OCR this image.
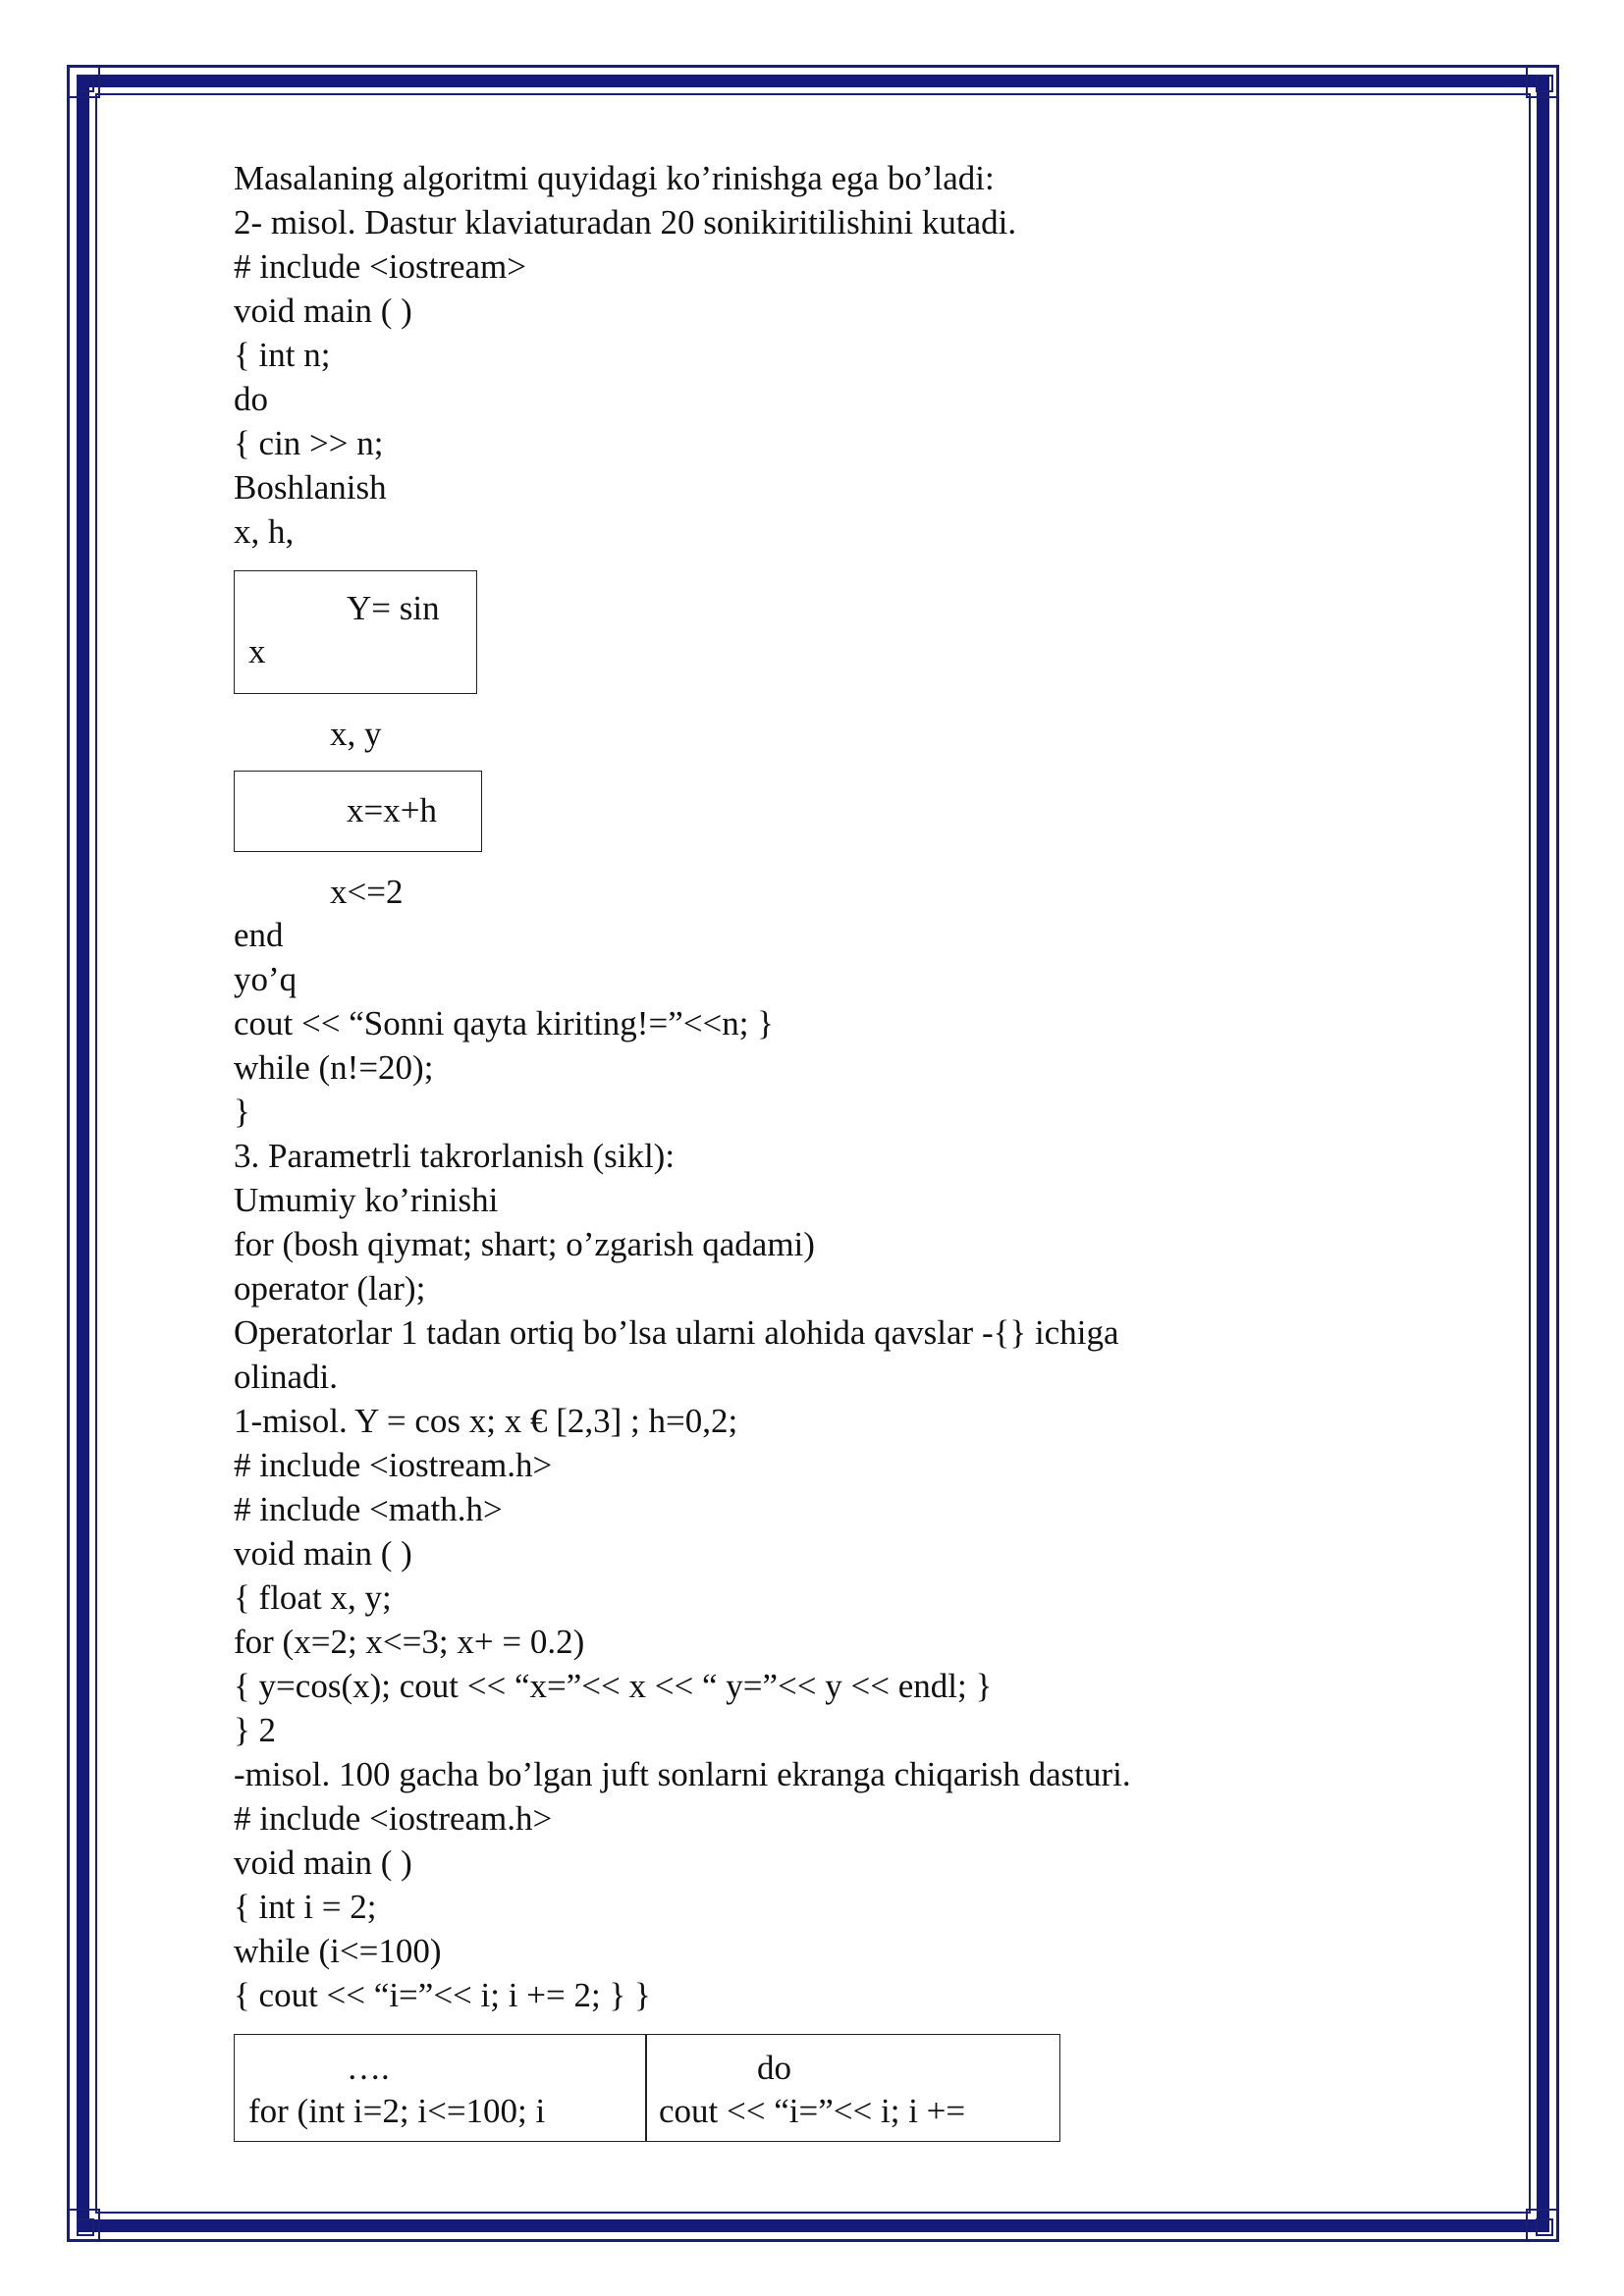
Masalaning algoritmi quyidagi ko’rinishga ega bo’ladi:
2- misol. Dastur klaviaturadan 20 sonikiritilishini kutadi.
# include <iostream>
void main ( )
{ int n;
do
{ cin >> n;
Boshlanish
x, h,
Y= sin
x
x, y
x=x+h
x<=2
end
yo’q
cout << “Sonni qayta kiriting!=”<<n; }
while (n!=20);
}
3. Parametrli takrorlanish (sikl):
Umumiy ko’rinishi
for (bosh qiymat; shart; o’zgarish qadami)
operator (lar);
Operatorlar 1 tadan ortiq bo’lsa ularni alohida qavslar -{} ichiga
olinadi.
1-misol. Y = cos x; x € [2,3] ; h=0,2;
# include <iostream.h>
# include <math.h>
void main ( )
{ float x, y;
for (x=2; x<=3; x+ = 0.2)
{ y=cos(x); cout << “x=”<< x << “ y=”<< y << endl; }
} 2
-misol. 100 gacha bo’lgan juft sonlarni ekranga chiqarish dasturi.
# include <iostream.h>
void main ( )
{ int i = 2;
while (i<=100)
{ cout << “i=”<< i; i += 2; } }
….
for (int i=2; i<=100; i
do
cout << “i=”<< i; i +=
